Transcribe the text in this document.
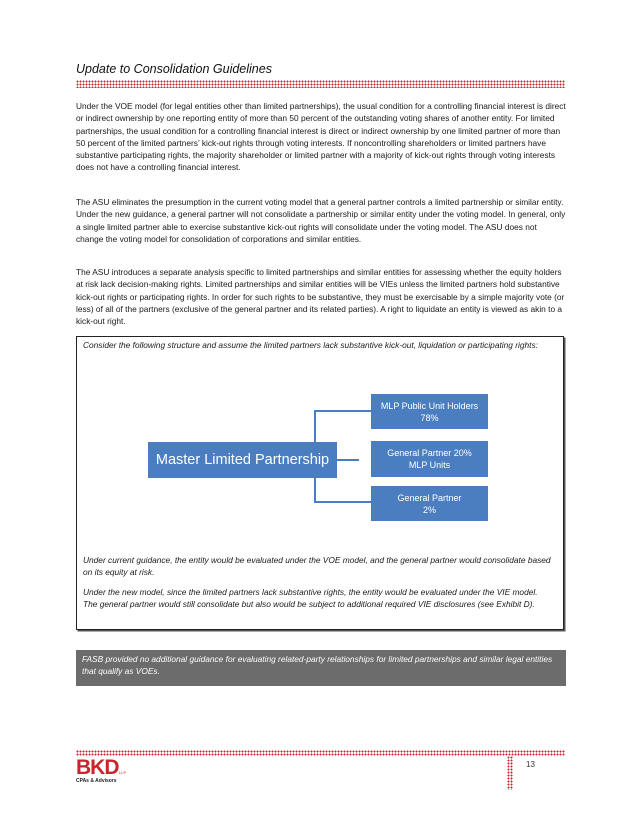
Update to Consolidation Guidelines

Under the VOE model (for legal entities other than limited partnerships), the usual condition for a controlling financial interest is direct or indirect ownership by one reporting entity of more than 50 percent of the outstanding voting shares of another entity. For limited partnerships, the usual condition for a controlling financial interest is direct or indirect ownership by one limited partner of more than 50 percent of the limited partners’ kick-out rights through voting interests. If noncontrolling shareholders or limited partners have substantive participating rights, the majority shareholder or limited partner with a majority of kick-out rights through voting interests does not have a controlling financial interest.

The ASU eliminates the presumption in the current voting model that a general partner controls a limited partnership or similar entity. Under the new guidance, a general partner will not consolidate a partnership or similar entity under the voting model. In general, only a single limited partner able to exercise substantive kick-out rights will consolidate under the voting model. The ASU does not change the voting model for consolidation of corporations and similar entities.

The ASU introduces a separate analysis specific to limited partnerships and similar entities for assessing whether the equity holders at risk lack decision-making rights. Limited partnerships and similar entities will be VIEs unless the limited partners hold substantive kick-out rights or participating rights. In order for such rights to be substantive, they must be exercisable by a simple majority vote (or less) of all of the partners (exclusive of the general partner and its related parties). A right to liquidate an entity is viewed as akin to a kick-out right.

Consider the following structure and assume the limited partners lack substantive kick-out, liquidation or participating rights:

Master Limited Partnership
MLP Public Unit Holders
78%
General Partner 20%
MLP Units
General Partner
2%

Under current guidance, the entity would be evaluated under the VOE model, and the general partner would consolidate based on its equity at risk.

Under the new model, since the limited partners lack substantive rights, the entity would be evaluated under the VIE model. The general partner would still consolidate but also would be subject to additional required VIE disclosures (see Exhibit D).

FASB provided no additional guidance for evaluating related-party relationships for limited partnerships and similar legal entities that qualify as VOEs.
BKD LLP
CPAs & Advisors
13
